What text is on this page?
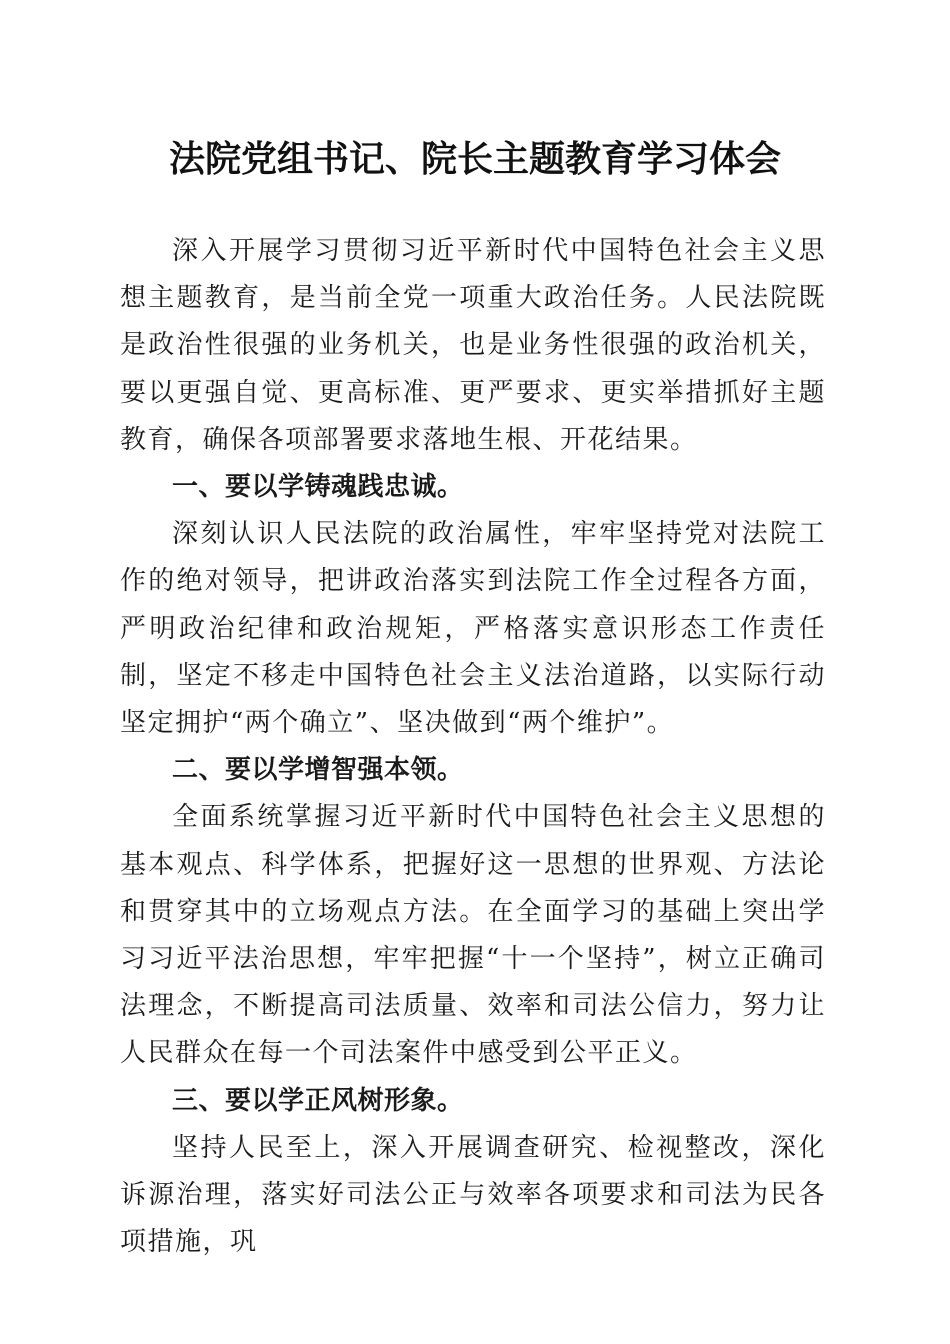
法院党组书记、院长主题教育学习体会

深入开展学习贯彻习近平新时代中国特色社会主义思想主题教育，是当前全党一项重大政治任务。人民法院既是政治性很强的业务机关，也是业务性很强的政治机关，要以更强自觉、更高标准、更严要求、更实举措抓好主题教育，确保各项部署要求落地生根、开花结果。

一、要以学铸魂践忠诚。

深刻认识人民法院的政治属性，牢牢坚持党对法院工作的绝对领导，把讲政治落实到法院工作全过程各方面，严明政治纪律和政治规矩，严格落实意识形态工作责任制，坚定不移走中国特色社会主义法治道路，以实际行动坚定拥护“两个确立”、坚决做到“两个维护”。

二、要以学增智强本领。

全面系统掌握习近平新时代中国特色社会主义思想的基本观点、科学体系，把握好这一思想的世界观、方法论和贯穿其中的立场观点方法。在全面学习的基础上突出学习习近平法治思想，牢牢把握“十一个坚持”，树立正确司法理念，不断提高司法质量、效率和司法公信力，努力让人民群众在每一个司法案件中感受到公平正义。

三、要以学正风树形象。

坚持人民至上，深入开展调查研究、检视整改，深化诉源治理，落实好司法公正与效率各项要求和司法为民各项措施，巩
